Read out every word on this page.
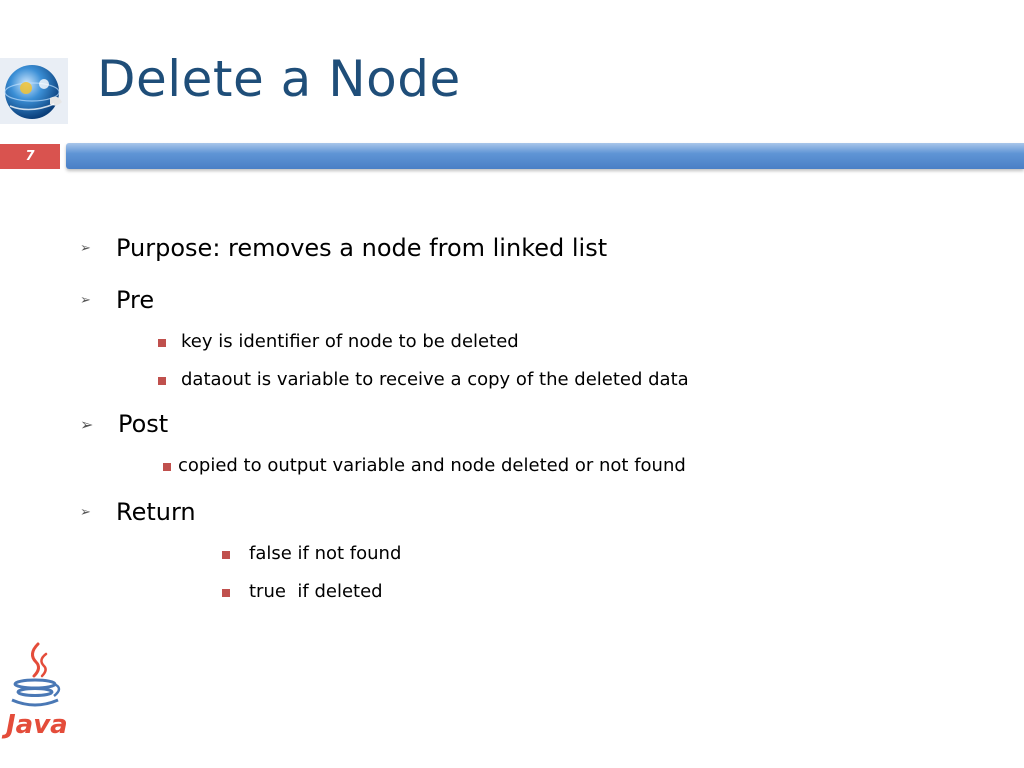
Delete a Node
7
➢ Purpose: removes a node from linked list
➢ Pre
key is identifier of node to be deleted
dataout is variable to receive a copy of the deleted data
➢ Post
copied to output variable and node deleted or not found
➢ Return
false if not found
true  if deleted
Java
